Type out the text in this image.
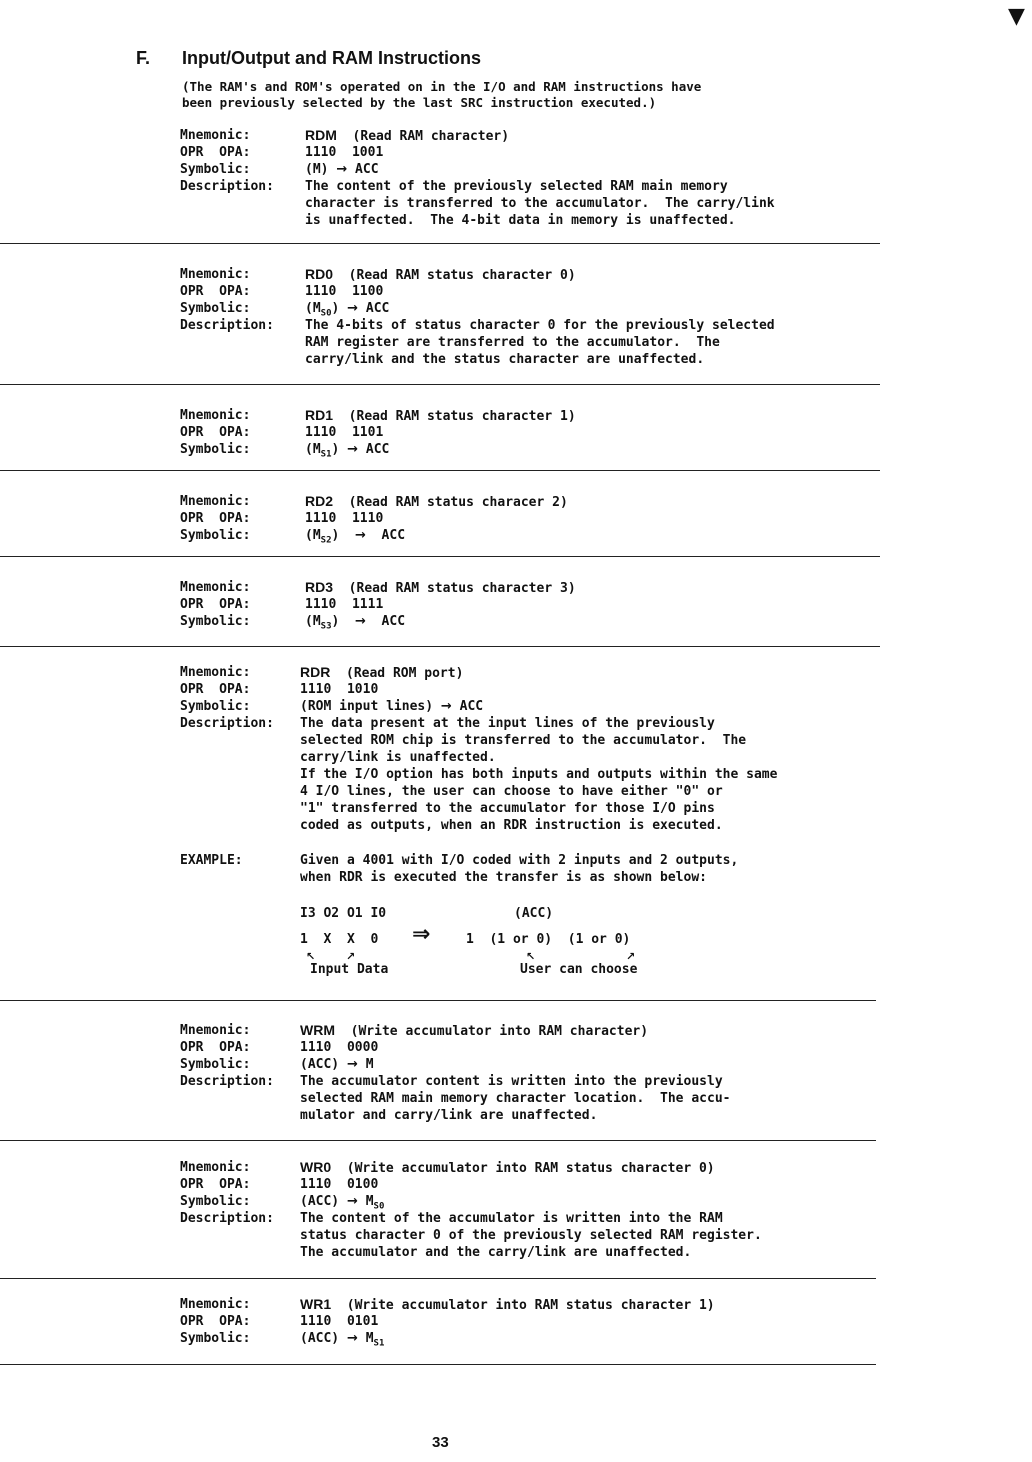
▼
F. Input/Output and RAM Instructions
(The RAM's and ROM's operated on in the I/O and RAM instructions have
been previously selected by the last SRC instruction executed.)
Mnemonic:	RDM (Read RAM character)
OPR  OPA:	1110  1001
Symbolic:	(M) → ACC
Description: The content of the previously selected RAM main memory
character is transferred to the accumulator.  The carry/link
is unaffected.  The 4-bit data in memory is unaffected.
Mnemonic:	RD0 (Read RAM status character 0)
OPR  OPA:	1110  1100
Symbolic:	$(M_{S0})$ → ACC
Description: The 4-bits of status character 0 for the previously selected
RAM register are transferred to the accumulator.  The
carry/link and the status character are unaffected.
Mnemonic:	RD1 (Read RAM status character 1)
OPR  OPA:	1110  1101
Symbolic:	$(M_{S1})$ → ACC
Mnemonic:	RD2 (Read RAM status characer 2)
OPR  OPA:	1110  1110
Symbolic:	$(M_{S2})$  → ACC
Mnemonic:	RD3 (Read RAM status character 3)
OPR  OPA:	1110  1111
Symbolic:	$(M_{S3})$  → ACC
Mnemonic:	RDR (Read ROM port)
OPR  OPA:	1110  1010
Symbolic:	(ROM input lines) → ACC
Description: The data present at the input lines of the previously
selected ROM chip is transferred to the accumulator.  The
carry/link is unaffected.
If the I/O option has both inputs and outputs within the same
4 I/O lines, the user can choose to have either "0" or
"1" transferred to the accumulator for those I/O pins
coded as outputs, when an RDR instruction is executed.
EXAMPLE:	Given a 4001 with I/O coded with 2 inputs and 2 outputs,
when RDR is executed the transfer is as shown below:
I3 O2 O1 I0	(ACC)
1  X  X  0 ⇒	1  (1 or 0)  (1 or 0)
↖	↗	↖	↗
Input Data	User can choose
Mnemonic:	WRM (Write accumulator into RAM character)
OPR  OPA:	1110  0000
Symbolic:	(ACC) → M
Description: The accumulator content is written into the previously
selected RAM main memory character location.  The accu-
mulator and carry/link are unaffected.
Mnemonic:	WR0 (Write accumulator into RAM status character 0)
OPR  OPA:	1110  0100
Symbolic:	$(ACC) \to M_{S0}$
Description: The content of the accumulator is written into the RAM
status character 0 of the previously selected RAM register.
The accumulator and the carry/link are unaffected.
Mnemonic:	WR1 (Write accumulator into RAM status character 1)
OPR  OPA:	1110  0101
Symbolic:	$(ACC) \to M_{S1}$
33
